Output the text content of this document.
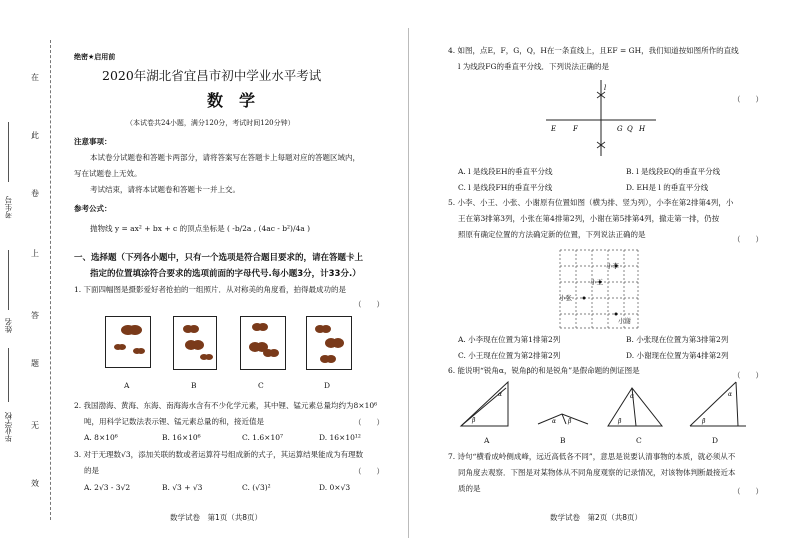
在
此
卷
上
答
题
无
效
考生号
姓名
毕业学校
绝密★启用前
2020年湖北省宜昌市初中学业水平考试
数　学
（本试卷共24小题，满分120分，考试时间120分钟）
注意事项：
本试卷分试题卷和答题卡两部分，请将答案写在答题卡上每题对应的答题区域内，
写在试题卷上无效。
考试结束，请将本试题卷和答题卡一并上交。
参考公式：
抛物线 y = ax² + bx + c 的顶点坐标是 ( -b/2a , (4ac - b²)/4a )
一、选择题（下列各小题中，只有一个选项是符合题目要求的，请在答题卡上
指定的位置填涂符合要求的选项前面的字母代号.每小题3分，计33分.）
1. 下面四幅图是摄影爱好者抢拍的一组照片．从对称美的角度看，拍得最成功的是
（　　）
A	B	C	D
2. 我国渤海、黄海、东海、南海海水含有不少化学元素，其中锂、锰元素总量均约为8×10⁶
吨，用科学记数法表示锂、锰元素总量的和，接近值是	（　　）
A. 8×10⁶	B. 16×10⁶	C. 1.6×10⁷	D. 16×10¹²
3. 对于无理数√3，添加关联的数或者运算符号组成新的式子，其运算结果能成为有理数
的是	（　　）
A. 2√3 - 3√2	B. √3 + √3	C. (√3)²	D. 0×√3
数学试卷　第1页（共8页）
4. 如图，点E，F，G，Q，H在一条直线上，且EF = GH，我们知道按如图所作的直线
l 为线段FG的垂直平分线．下列说法正确的是
（　　）
E F	G Q H
l
A. l 是线段EH的垂直平分线	B. l 是线段EQ的垂直平分线
C. l 是线段FH的垂直平分线	D. EH是 l 的垂直平分线
5. 小李、小王、小张、小谢原有位置如图（横为排、竖为列），小李在第2排第4列，小
王在第3排第3列，小张在第4排第2列，小谢在第5排第4列，撤走第一排，仍按
照原有确定位置的方法确定新的位置，下列说法正确的是
（　　）
小李
小王
小张
小谢
A. 小李现在位置为第1排第2列	B. 小张现在位置为第3排第2列
C. 小王现在位置为第2排第2列	D. 小谢现在位置为第4排第2列
6. 能说明“锐角α，锐角β的和是锐角”是假命题的例证图是
（　　）
β
α
α β	β
α
β
α
A	B	C	D
7. 诗句“横看成岭侧成峰，远近高低各不同”，意思是说要认清事物的本质，就必须从不
同角度去观察．下图是对某物体从不同角度观察的记录情况，对该物体判断最接近本
质的是	（　　）
数学试卷　第2页（共8页）
